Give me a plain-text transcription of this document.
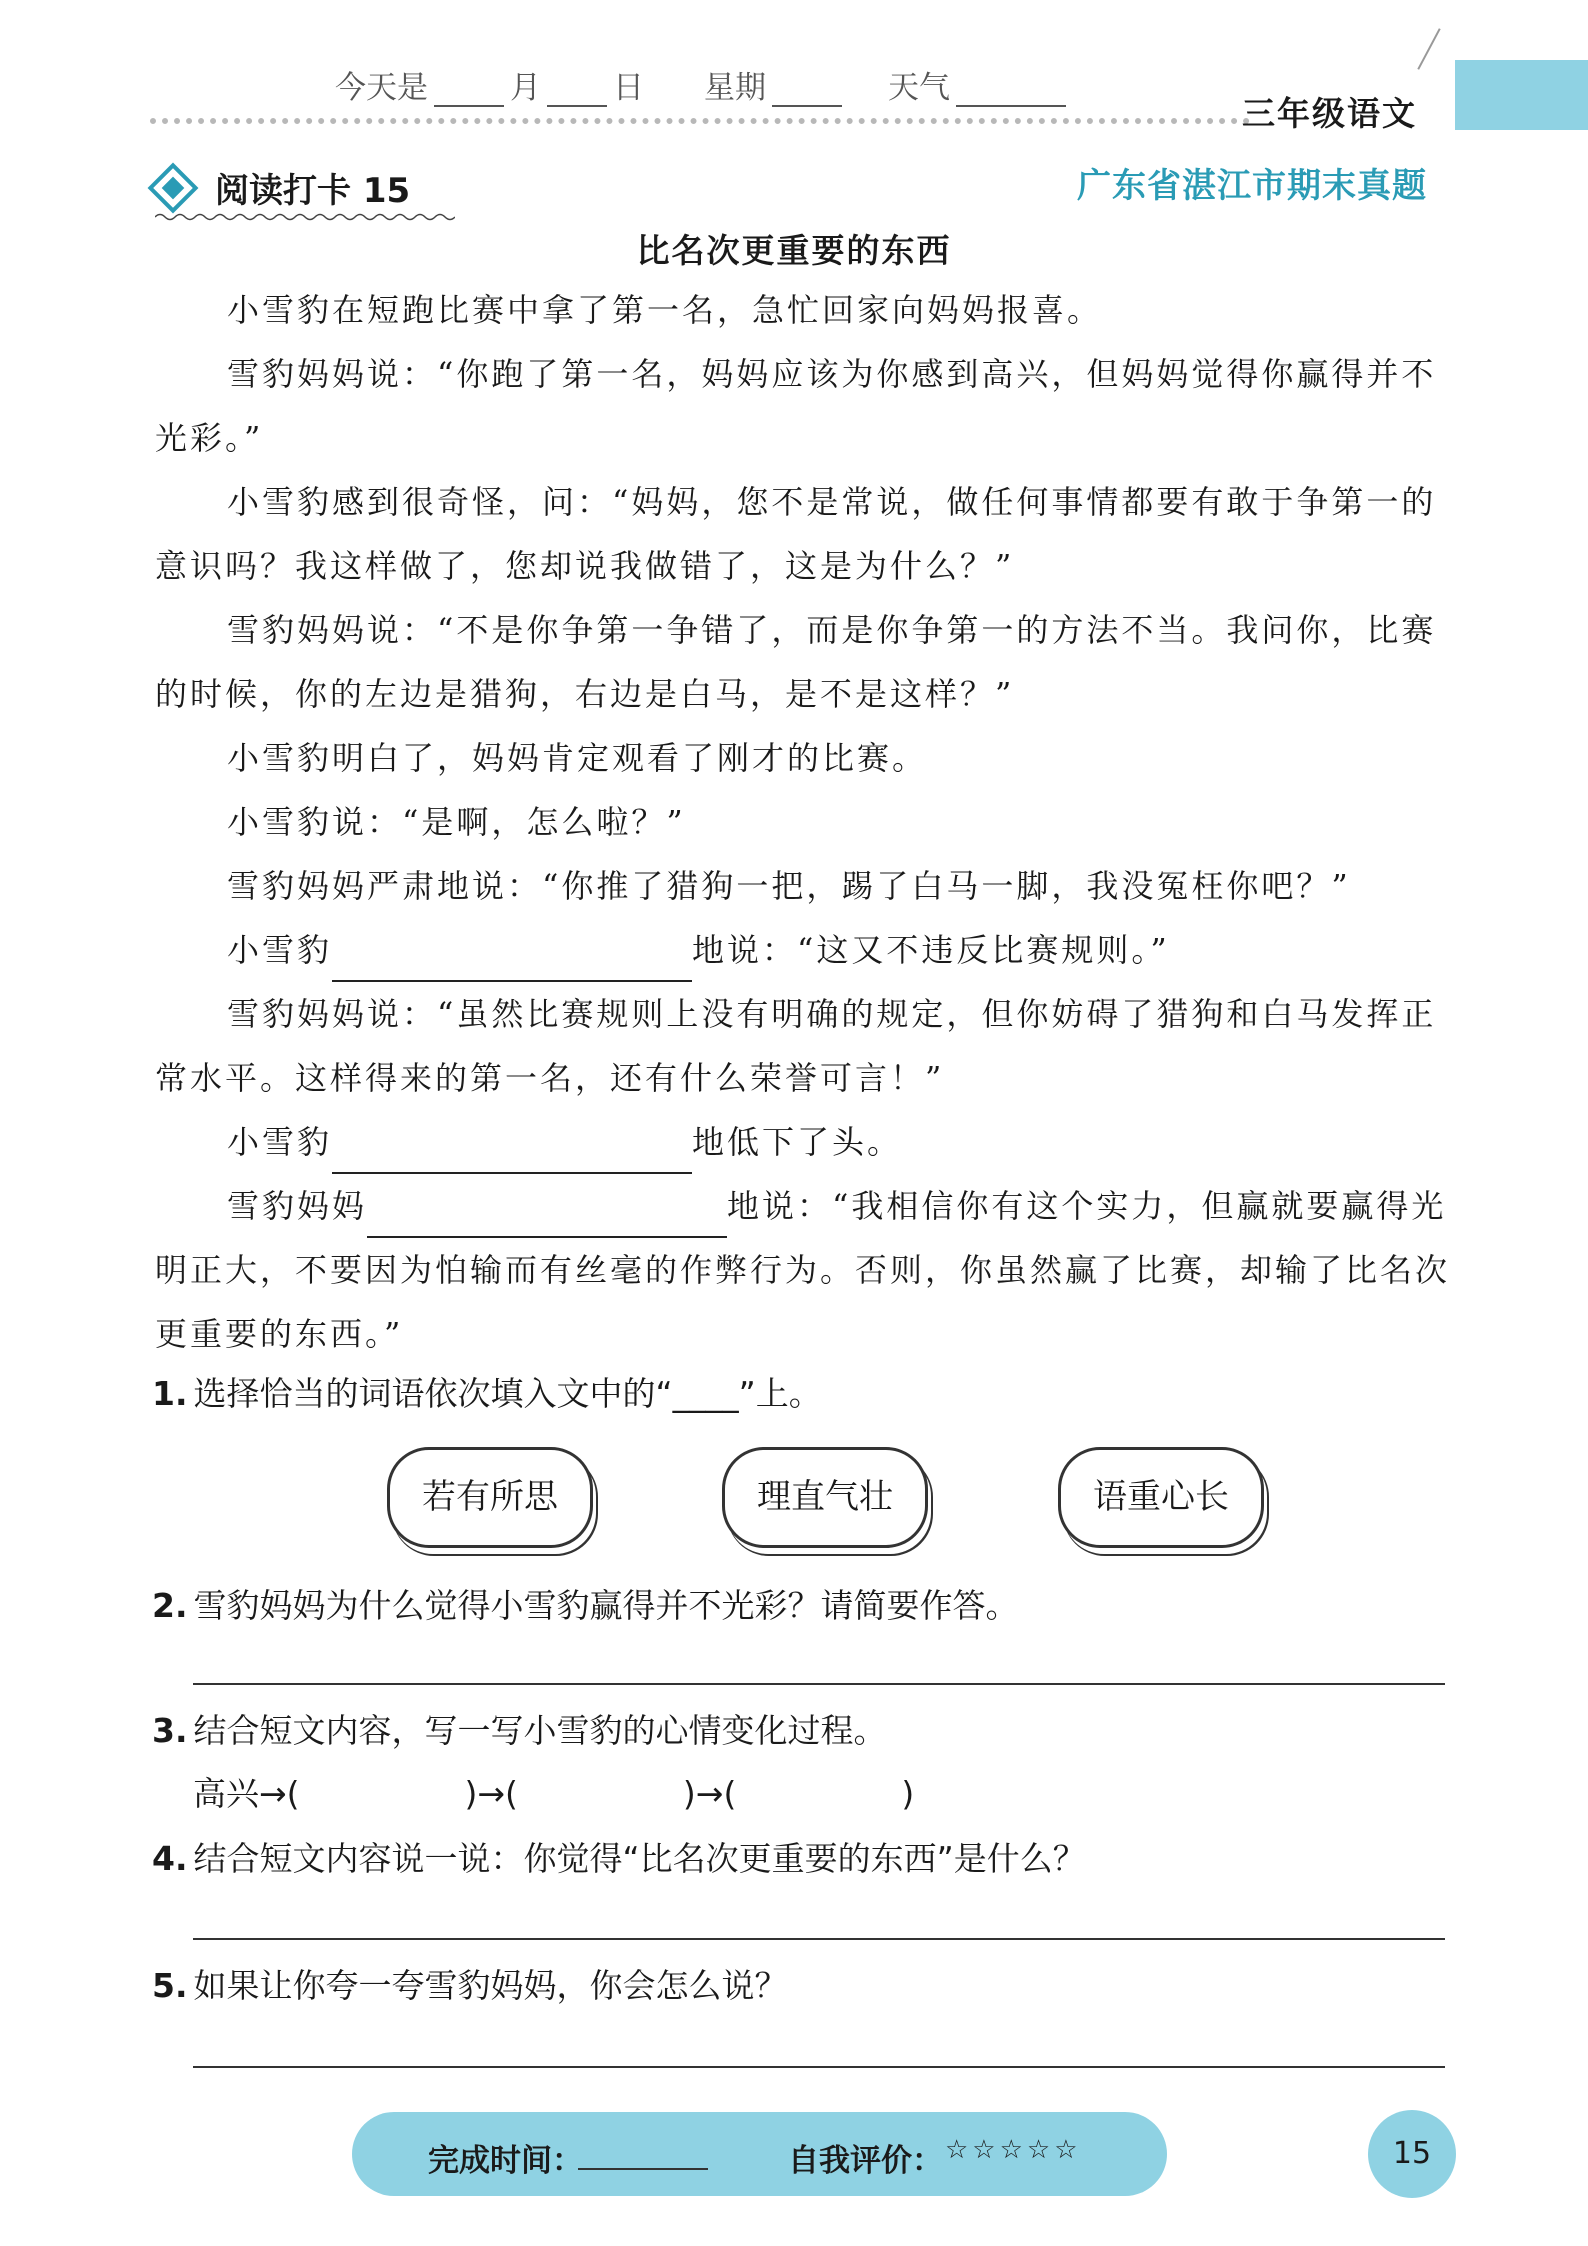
今天是	月 日 星期	天气
三年级语文
阅读打卡 15	广东省湛江市期末真题
比名次更重要的东西
小雪豹在短跑比赛中拿了第一名，急忙回家向妈妈报喜。
雪豹妈妈说：“你跑了第一名，妈妈应该为你感到高兴，但妈妈觉得你赢得并不光彩。”
小雪豹感到很奇怪，问：“妈妈，您不是常说，做任何事情都要有敢于争第一的意识吗？我这样做了，您却说我做错了，这是为什么？”
雪豹妈妈说：“不是你争第一争错了，而是你争第一的方法不当。我问你，比赛的时候，你的左边是猎狗，右边是白马，是不是这样？”
小雪豹明白了，妈妈肯定观看了刚才的比赛。
小雪豹说：“是啊，怎么啦？”
雪豹妈妈严肃地说：“你推了猎狗一把，踢了白马一脚，我没冤枉你吧？”
小雪豹	地说：“这又不违反比赛规则。”
雪豹妈妈说：“虽然比赛规则上没有明确的规定，但你妨碍了猎狗和白马发挥正常水平。这样得来的第一名，还有什么荣誉可言！”
小雪豹	地低下了头。
雪豹妈妈	地说：“我相信你有这个实力，但赢就要赢得光明正大，不要因为怕输而有丝毫的作弊行为。否则，你虽然赢了比赛，却输了比名次更重要的东西。”
1. 选择恰当的词语依次填入文中的“____”上。
若有所思	理直气壮	语重心长
2. 雪豹妈妈为什么觉得小雪豹赢得并不光彩？请简要作答。
3. 结合短文内容，写一写小雪豹的心情变化过程。
高兴→(　　　　　)→(　　　　　)→(　　　　　)
4. 结合短文内容说一说：你觉得“比名次更重要的东西”是什么？
5. 如果让你夸一夸雪豹妈妈，你会怎么说？
完成时间：	自我评价： ☆☆☆☆☆	15
